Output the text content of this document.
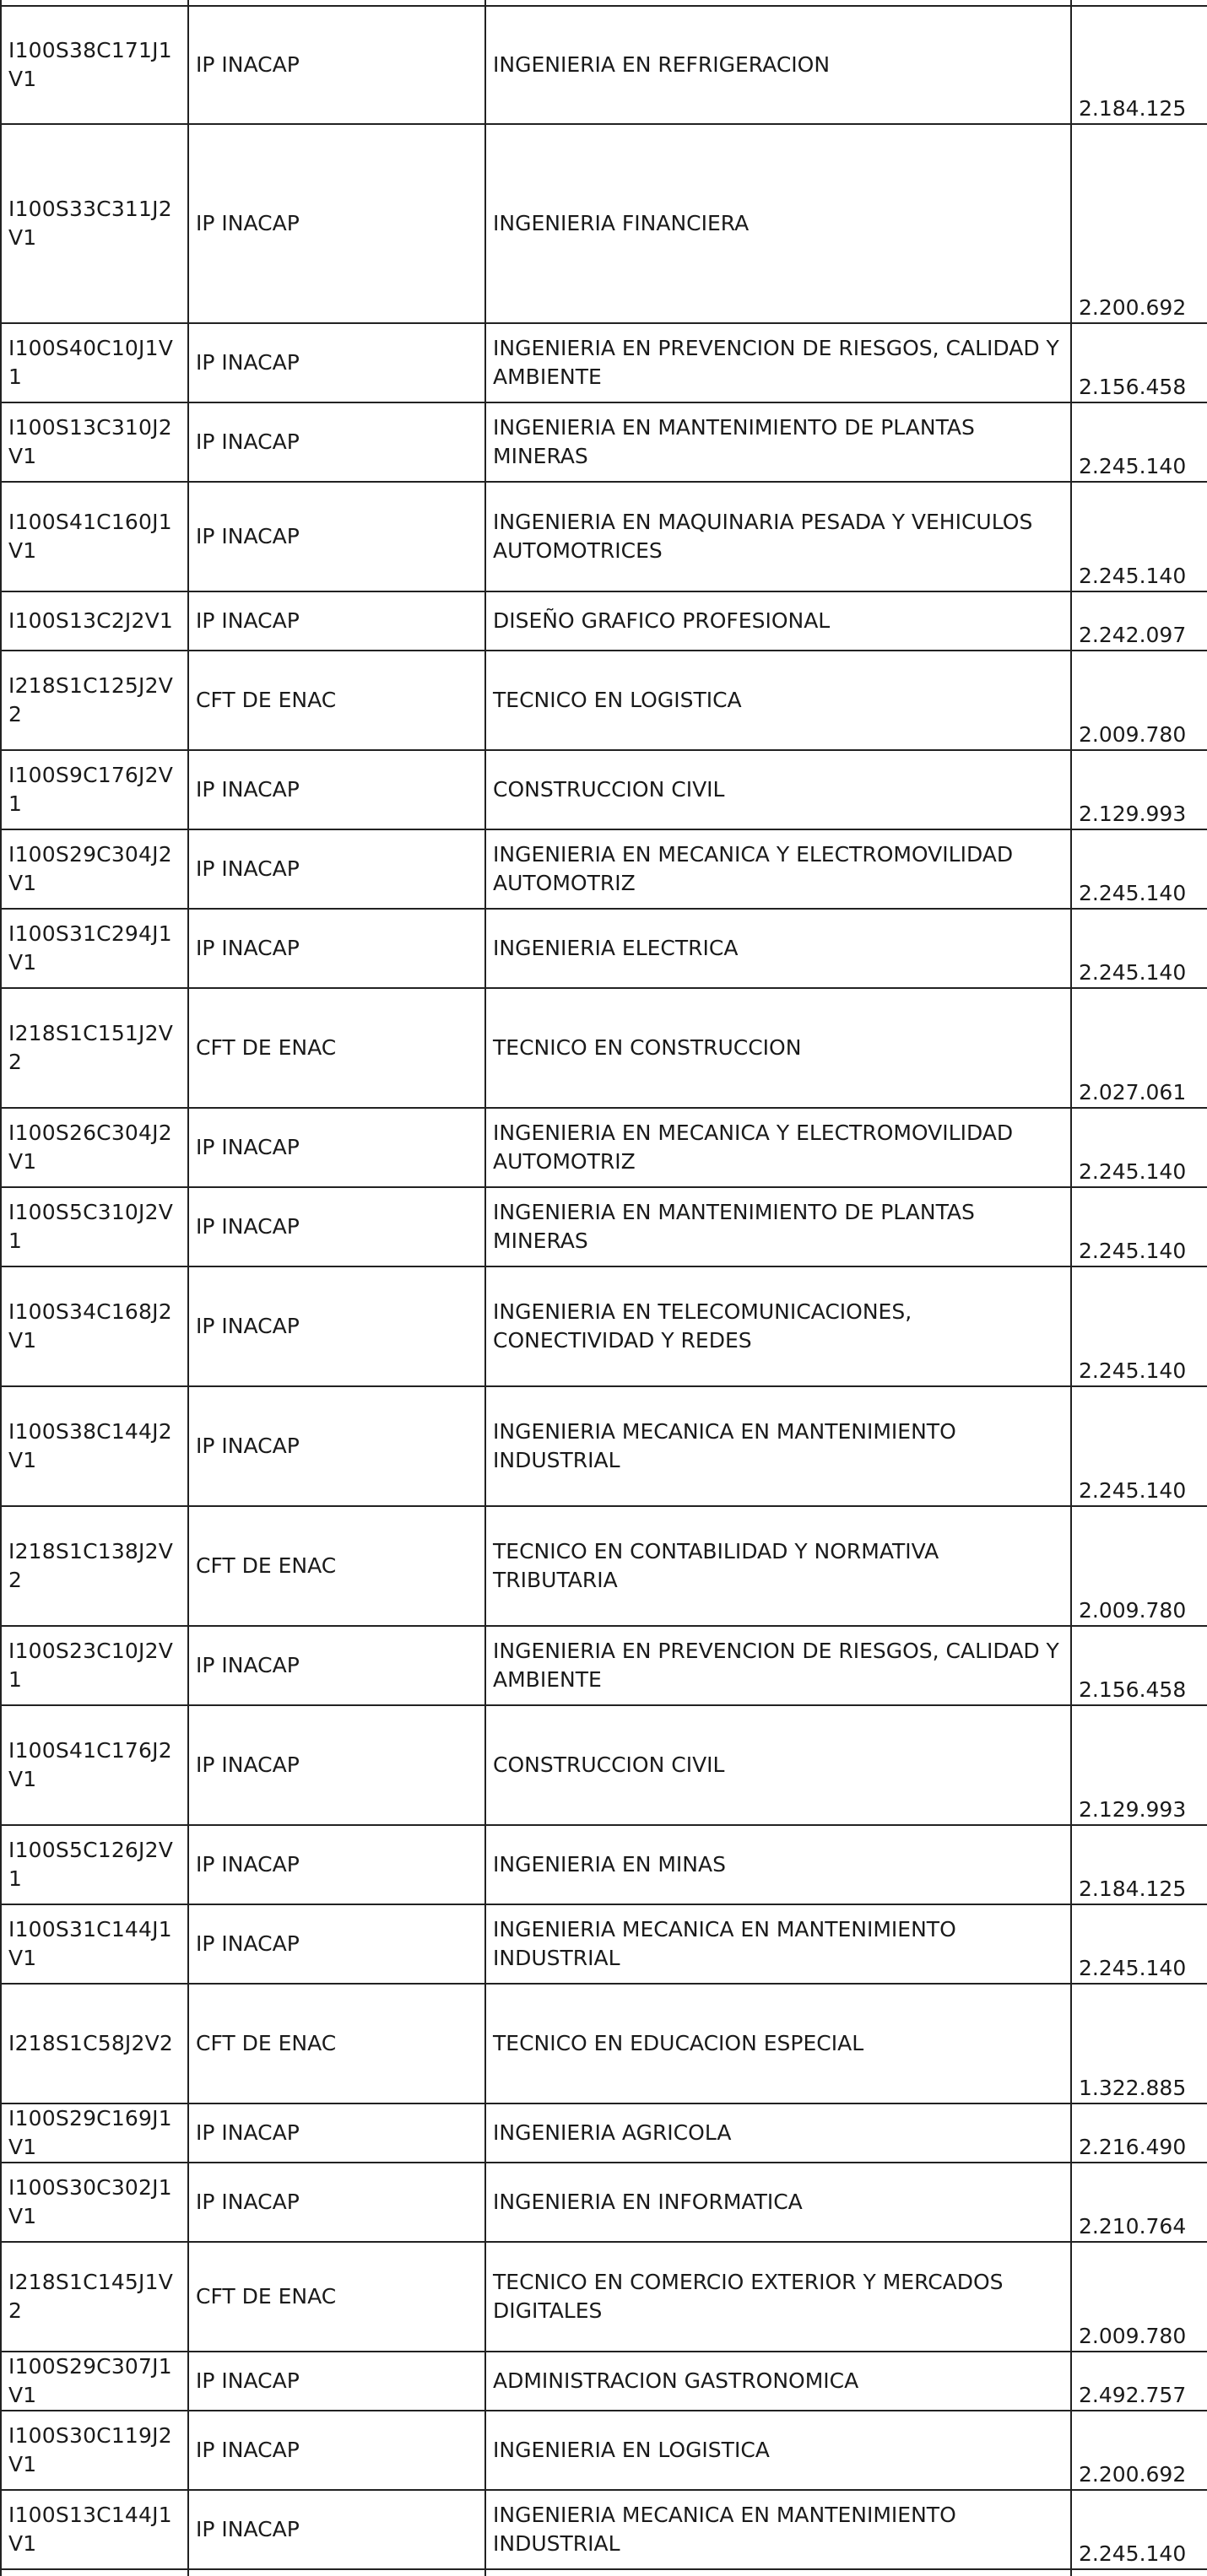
I100S38C171J1V1	IP INACAP	INGENIERIA EN REFRIGERACION	2.184.125
I100S33C311J2V1	IP INACAP	INGENIERIA FINANCIERA	2.200.692
I100S40C10J1V1	IP INACAP	INGENIERIA EN PREVENCION DE RIESGOS, CALIDAD Y AMBIENTE	2.156.458
I100S13C310J2V1	IP INACAP	INGENIERIA EN MANTENIMIENTO DE PLANTAS MINERAS	2.245.140
I100S41C160J1V1	IP INACAP	INGENIERIA EN MAQUINARIA PESADA Y VEHICULOS AUTOMOTRICES	2.245.140
I100S13C2J2V1	IP INACAP	DISEÑO GRAFICO PROFESIONAL	2.242.097
I218S1C125J2V2	CFT DE ENAC	TECNICO EN LOGISTICA	2.009.780
I100S9C176J2V1	IP INACAP	CONSTRUCCION CIVIL	2.129.993
I100S29C304J2V1	IP INACAP	INGENIERIA EN MECANICA Y ELECTROMOVILIDAD AUTOMOTRIZ	2.245.140
I100S31C294J1V1	IP INACAP	INGENIERIA ELECTRICA	2.245.140
I218S1C151J2V2	CFT DE ENAC	TECNICO EN CONSTRUCCION	2.027.061
I100S26C304J2V1	IP INACAP	INGENIERIA EN MECANICA Y ELECTROMOVILIDAD AUTOMOTRIZ	2.245.140
I100S5C310J2V1	IP INACAP	INGENIERIA EN MANTENIMIENTO DE PLANTAS MINERAS	2.245.140
I100S34C168J2V1	IP INACAP	INGENIERIA EN TELECOMUNICACIONES, CONECTIVIDAD Y REDES	2.245.140
I100S38C144J2V1	IP INACAP	INGENIERIA MECANICA EN MANTENIMIENTO INDUSTRIAL	2.245.140
I218S1C138J2V2	CFT DE ENAC	TECNICO EN CONTABILIDAD Y NORMATIVA TRIBUTARIA	2.009.780
I100S23C10J2V1	IP INACAP	INGENIERIA EN PREVENCION DE RIESGOS, CALIDAD Y AMBIENTE	2.156.458
I100S41C176J2V1	IP INACAP	CONSTRUCCION CIVIL	2.129.993
I100S5C126J2V1	IP INACAP	INGENIERIA EN MINAS	2.184.125
I100S31C144J1V1	IP INACAP	INGENIERIA MECANICA EN MANTENIMIENTO INDUSTRIAL	2.245.140
I218S1C58J2V2	CFT DE ENAC	TECNICO EN EDUCACION ESPECIAL	1.322.885
I100S29C169J1V1	IP INACAP	INGENIERIA AGRICOLA	2.216.490
I100S30C302J1V1	IP INACAP	INGENIERIA EN INFORMATICA	2.210.764
I218S1C145J1V2	CFT DE ENAC	TECNICO EN COMERCIO EXTERIOR Y MERCADOS DIGITALES	2.009.780
I100S29C307J1V1	IP INACAP	ADMINISTRACION GASTRONOMICA	2.492.757
I100S30C119J2V1	IP INACAP	INGENIERIA EN LOGISTICA	2.200.692
I100S13C144J1V1	IP INACAP	INGENIERIA MECANICA EN MANTENIMIENTO INDUSTRIAL	2.245.140
